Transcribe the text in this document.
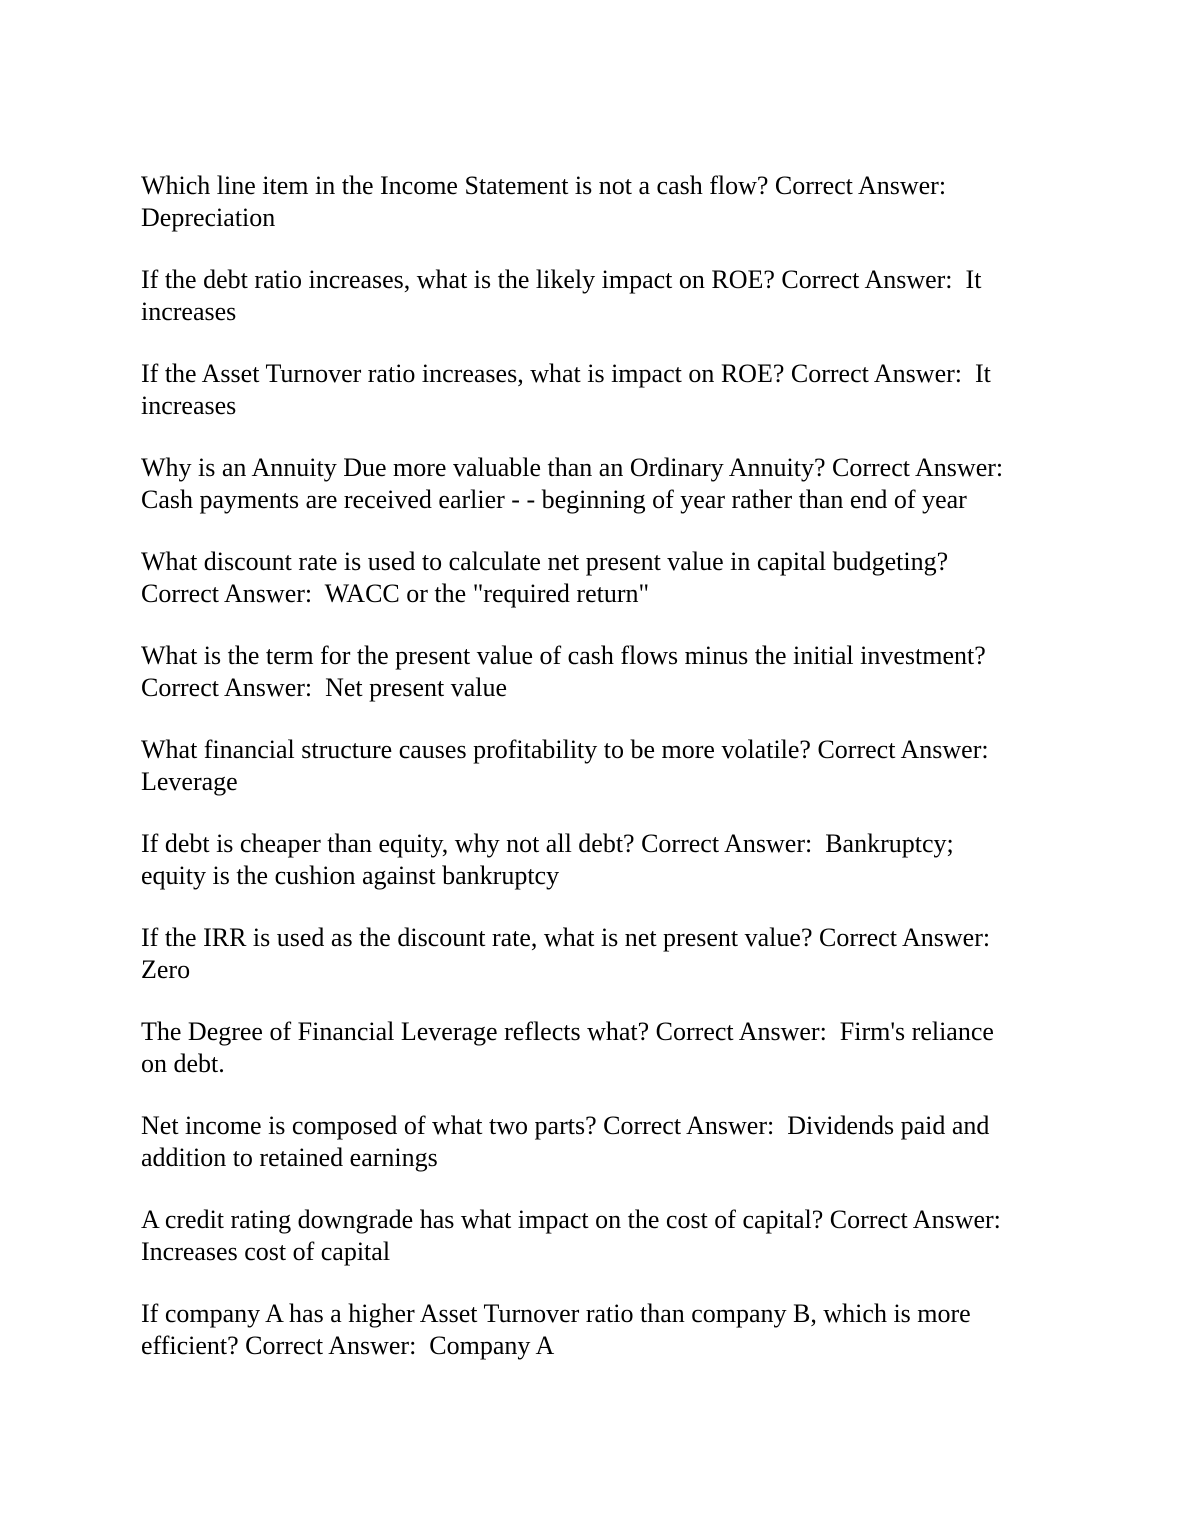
Which line item in the Income Statement is not a cash flow? Correct Answer:
Depreciation

If the debt ratio increases, what is the likely impact on ROE? Correct Answer:  It
increases

If the Asset Turnover ratio increases, what is impact on ROE? Correct Answer:  It
increases

Why is an Annuity Due more valuable than an Ordinary Annuity? Correct Answer:
Cash payments are received earlier - - beginning of year rather than end of year

What discount rate is used to calculate net present value in capital budgeting?
Correct Answer:  WACC or the "required return"

What is the term for the present value of cash flows minus the initial investment?
Correct Answer:  Net present value

What financial structure causes profitability to be more volatile? Correct Answer:
Leverage

If debt is cheaper than equity, why not all debt? Correct Answer:  Bankruptcy;
equity is the cushion against bankruptcy

If the IRR is used as the discount rate, what is net present value? Correct Answer:
Zero

The Degree of Financial Leverage reflects what? Correct Answer:  Firm's reliance
on debt.

Net income is composed of what two parts? Correct Answer:  Dividends paid and
addition to retained earnings

A credit rating downgrade has what impact on the cost of capital? Correct Answer:
Increases cost of capital

If company A has a higher Asset Turnover ratio than company B, which is more
efficient? Correct Answer:  Company A
